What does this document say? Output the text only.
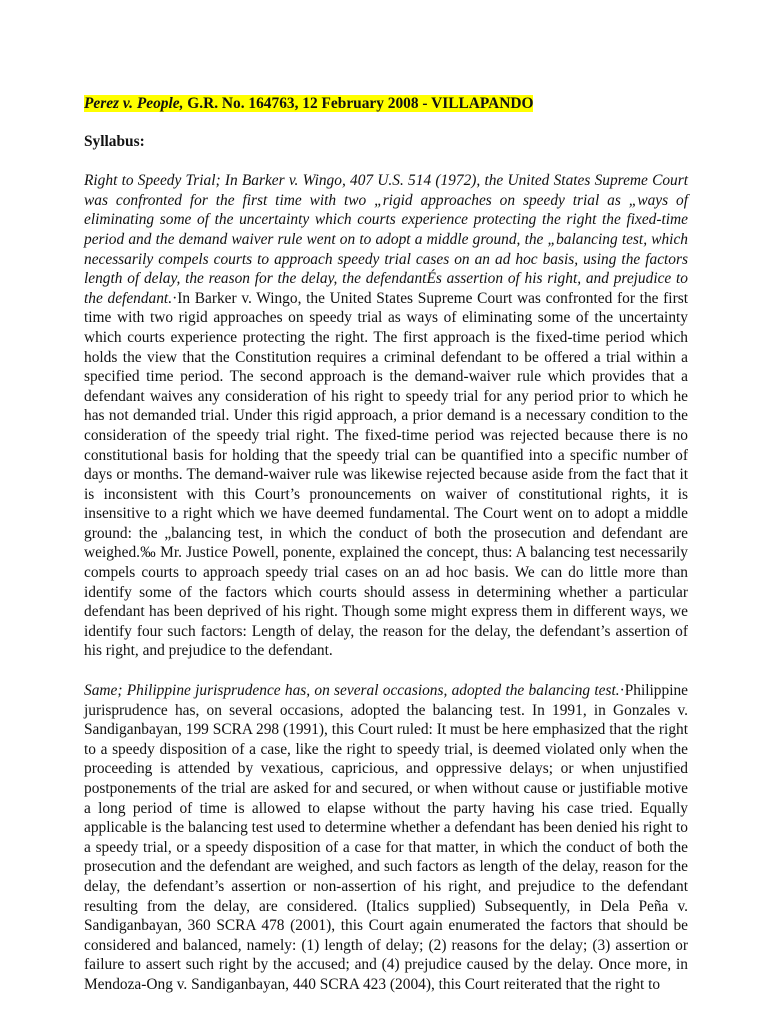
Perez v. People, G.R. No. 164763, 12 February 2008 - VILLAPANDO

Syllabus:

Right to Speedy Trial; In Barker v. Wingo, 407 U.S. 514 (1972), the United States Supreme Court was confronted for the first time with two „rigid approaches on speedy trial as „ways of eliminating some of the uncertainty which courts experience protecting the right the fixed-time period and the demand waiver rule went on to adopt a middle ground, the „balancing test, which necessarily compels courts to approach speedy trial cases on an ad hoc basis, using the factors length of delay, the reason for the delay, the defendantÉs assertion of his right, and prejudice to the defendant.·In Barker v. Wingo, the United States Supreme Court was confronted for the first time with two rigid approaches on speedy trial as ways of eliminating some of the uncertainty which courts experience protecting the right. The first approach is the fixed-time period which holds the view that the Constitution requires a criminal defendant to be offered a trial within a specified time period. The second approach is the demand-waiver rule which provides that a defendant waives any consideration of his right to speedy trial for any period prior to which he has not demanded trial. Under this rigid approach, a prior demand is a necessary condition to the consideration of the speedy trial right. The fixed-time period was rejected because there is no constitutional basis for holding that the speedy trial can be quantified into a specific number of days or months. The demand-waiver rule was likewise rejected because aside from the fact that it is inconsistent with this Court’s pronouncements on waiver of constitutional rights, it is insensitive to a right which we have deemed fundamental. The Court went on to adopt a middle ground: the „balancing test, in which the conduct of both the prosecution and defendant are weighed.‰ Mr. Justice Powell, ponente, explained the concept, thus: A balancing test necessarily compels courts to approach speedy trial cases on an ad hoc basis. We can do little more than identify some of the factors which courts should assess in determining whether a particular defendant has been deprived of his right. Though some might express them in different ways, we identify four such factors: Length of delay, the reason for the delay, the defendant’s assertion of his right, and prejudice to the defendant.

Same; Philippine jurisprudence has, on several occasions, adopted the balancing test.·Philippine jurisprudence has, on several occasions, adopted the balancing test. In 1991, in Gonzales v. Sandiganbayan, 199 SCRA 298 (1991), this Court ruled: It must be here emphasized that the right to a speedy disposition of a case, like the right to speedy trial, is deemed violated only when the proceeding is attended by vexatious, capricious, and oppressive delays; or when unjustified postponements of the trial are asked for and secured, or when without cause or justifiable motive a long period of time is allowed to elapse without the party having his case tried. Equally applicable is the balancing test used to determine whether a defendant has been denied his right to a speedy trial, or a speedy disposition of a case for that matter, in which the conduct of both the prosecution and the defendant are weighed, and such factors as length of the delay, reason for the delay, the defendant’s assertion or non-assertion of his right, and prejudice to the defendant resulting from the delay, are considered. (Italics supplied) Subsequently, in Dela Peña v. Sandiganbayan, 360 SCRA 478 (2001), this Court again enumerated the factors that should be considered and balanced, namely: (1) length of delay; (2) reasons for the delay; (3) assertion or failure to assert such right by the accused; and (4) prejudice caused by the delay. Once more, in Mendoza-Ong v. Sandiganbayan, 440 SCRA 423 (2004), this Court reiterated that the right to
